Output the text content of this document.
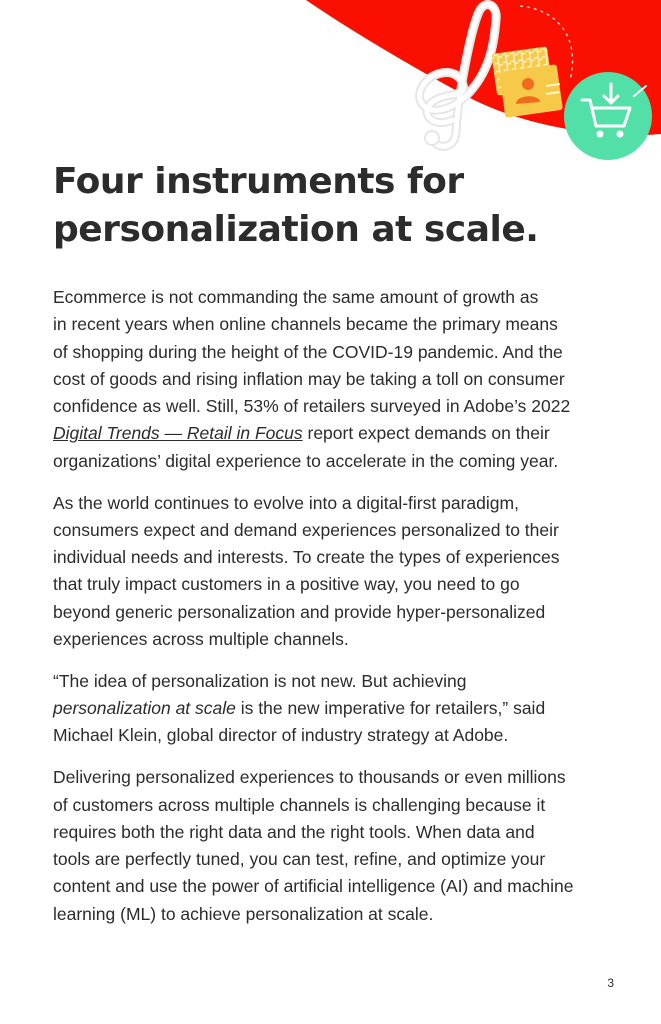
Four instruments for
personalization at scale.

Ecommerce is not commanding the same amount of growth as
in recent years when online channels became the primary means
of shopping during the height of the COVID-19 pandemic. And the
cost of goods and rising inflation may be taking a toll on consumer
confidence as well. Still, 53% of retailers surveyed in Adobe’s 2022
Digital Trends — Retail in Focus report expect demands on their
organizations’ digital experience to accelerate in the coming year.

As the world continues to evolve into a digital-first paradigm,
consumers expect and demand experiences personalized to their
individual needs and interests. To create the types of experiences
that truly impact customers in a positive way, you need to go
beyond generic personalization and provide hyper-personalized
experiences across multiple channels.

“The idea of personalization is not new. But achieving
personalization at scale is the new imperative for retailers,” said
Michael Klein, global director of industry strategy at Adobe.

Delivering personalized experiences to thousands or even millions
of customers across multiple channels is challenging because it
requires both the right data and the right tools. When data and
tools are perfectly tuned, you can test, refine, and optimize your
content and use the power of artificial intelligence (AI) and machine
learning (ML) to achieve personalization at scale.

3
